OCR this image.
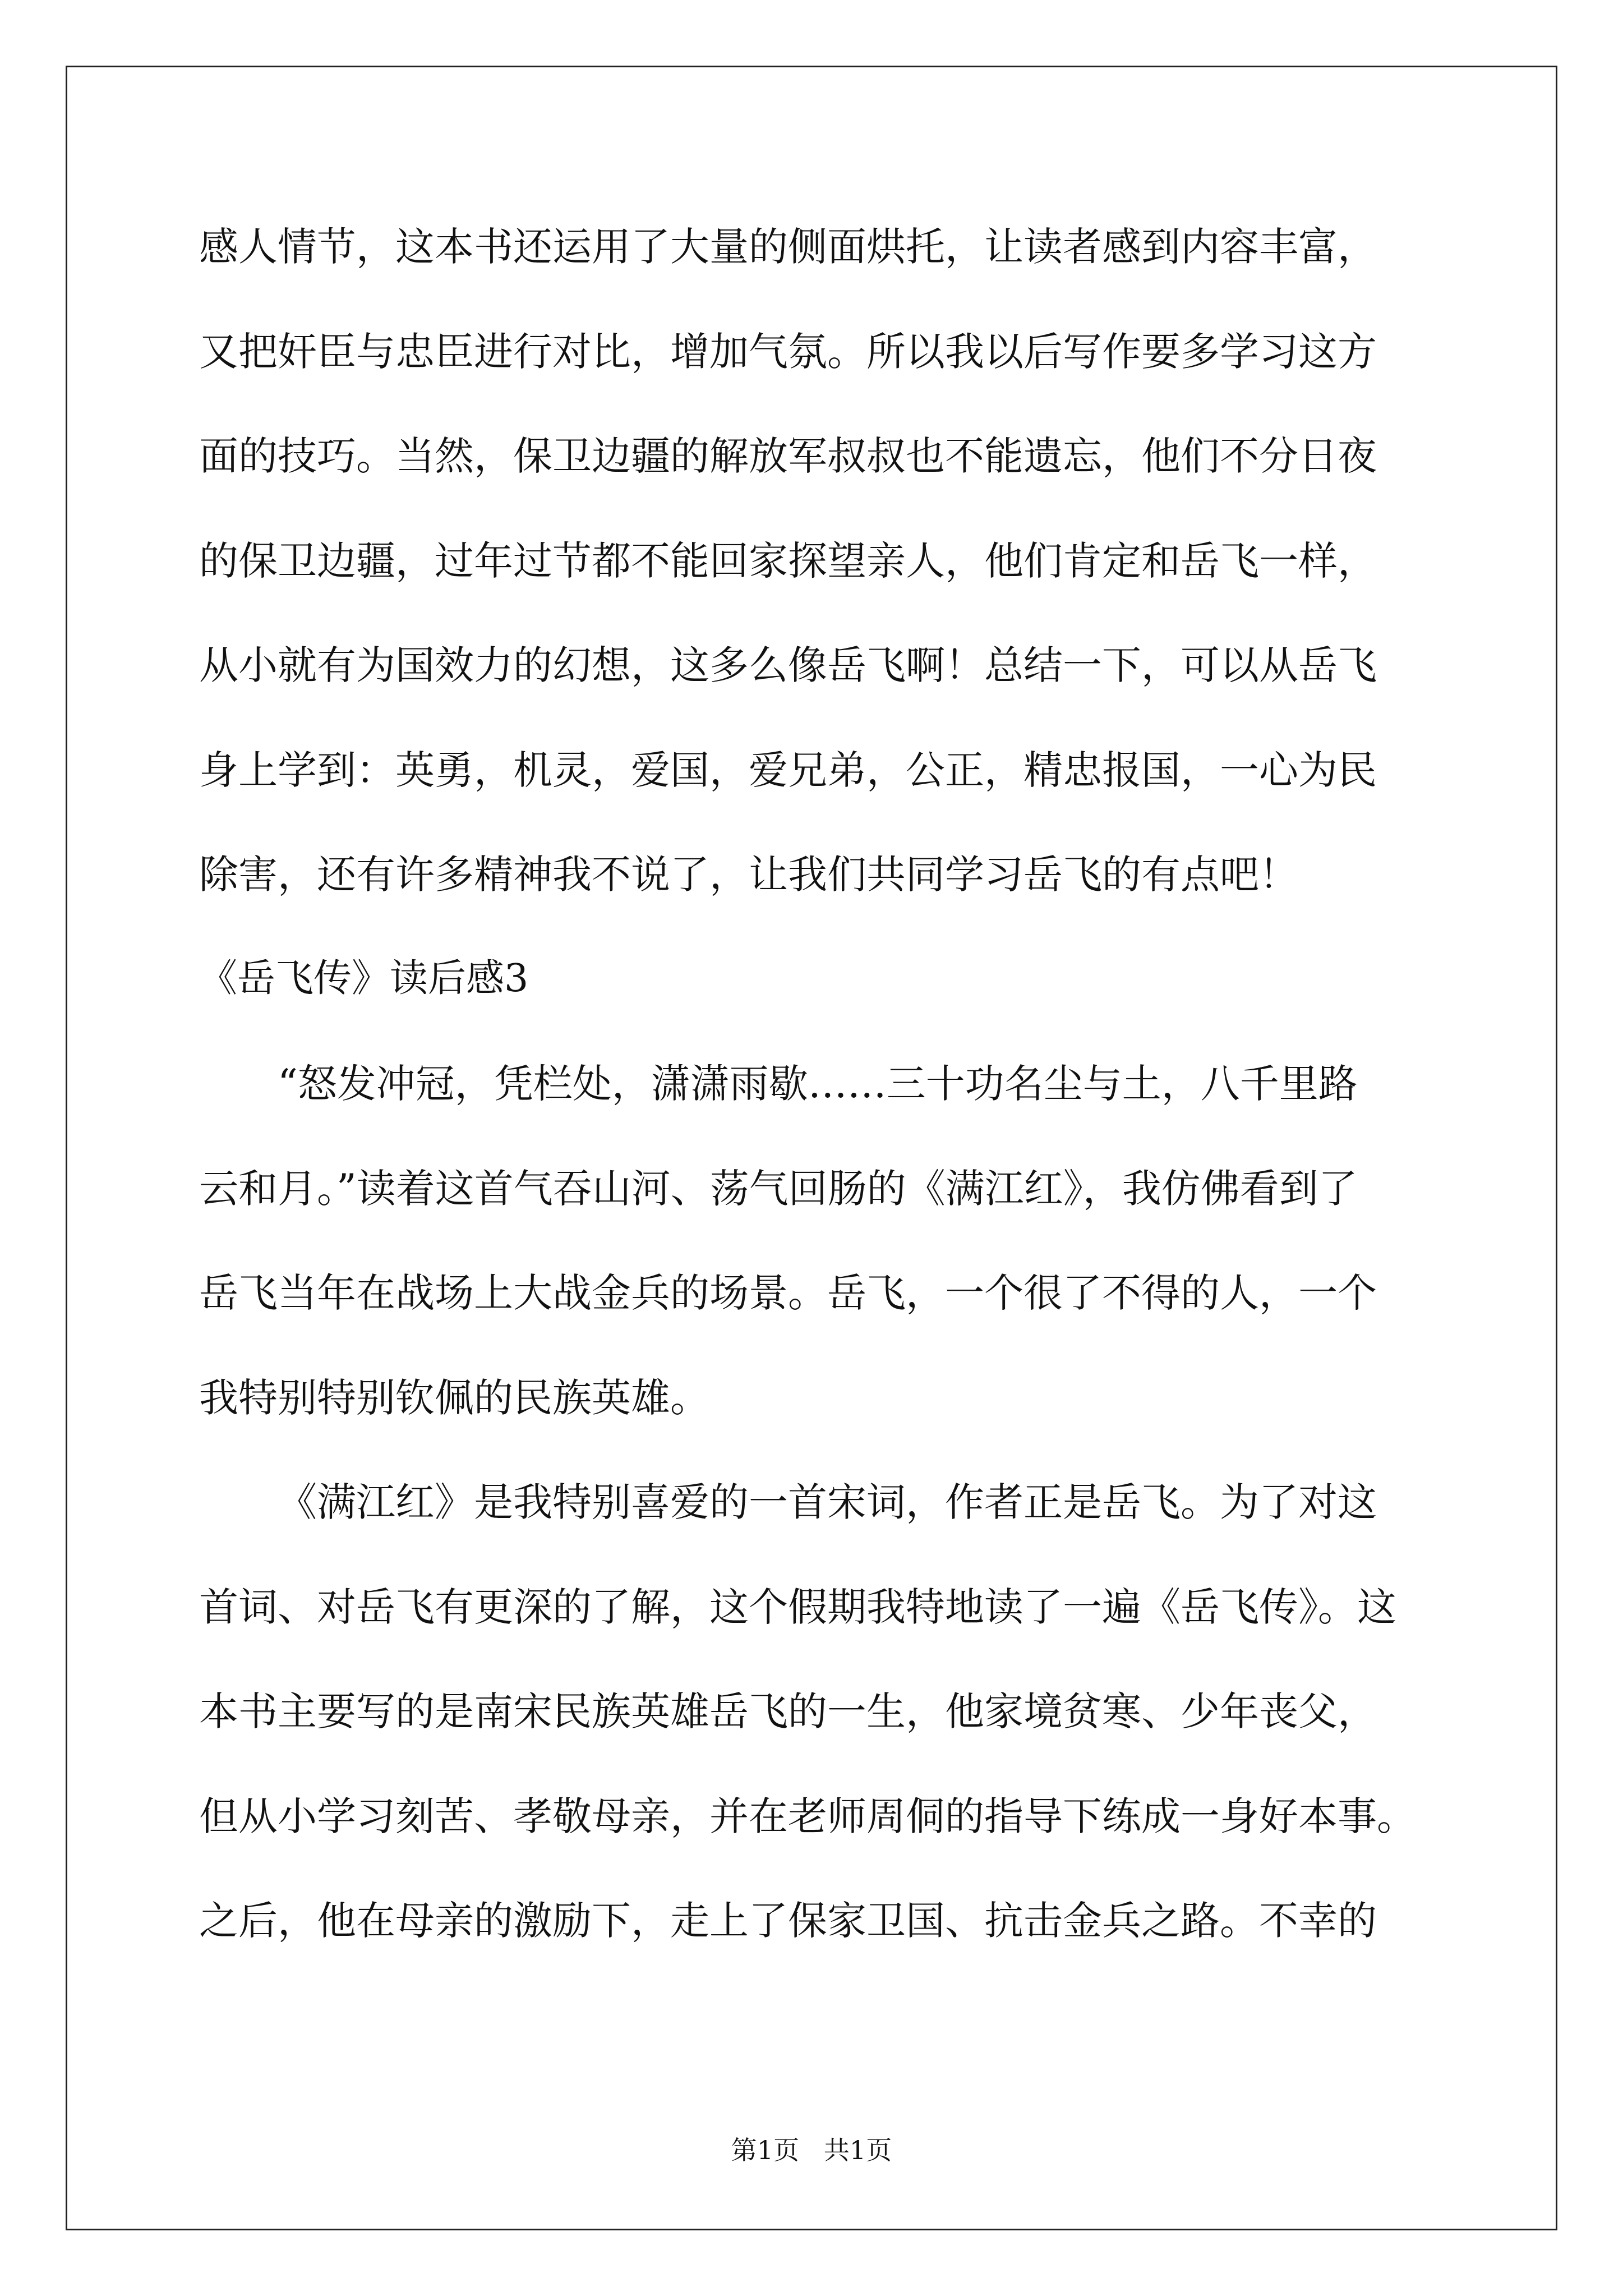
感人情节，这本书还运用了大量的侧面烘托，让读者感到内容丰富，
又把奸臣与忠臣进行对比，增加气氛。所以我以后写作要多学习这方
面的技巧。当然，保卫边疆的解放军叔叔也不能遗忘，他们不分日夜
的保卫边疆，过年过节都不能回家探望亲人，他们肯定和岳飞一样，
从小就有为国效力的幻想，这多么像岳飞啊！总结一下，可以从岳飞
身上学到：英勇，机灵，爱国，爱兄弟，公正，精忠报国，一心为民
除害，还有许多精神我不说了，让我们共同学习岳飞的有点吧！
《岳飞传》读后感3
“怒发冲冠，凭栏处，潇潇雨歇……三十功名尘与土，八千里路
云和月。”读着这首气吞山河、荡气回肠的《满江红》，我仿佛看到了
岳飞当年在战场上大战金兵的场景。岳飞，一个很了不得的人，一个
我特别特别钦佩的民族英雄。
《满江红》是我特别喜爱的一首宋词，作者正是岳飞。为了对这
首词、对岳飞有更深的了解，这个假期我特地读了一遍《岳飞传》。这
本书主要写的是南宋民族英雄岳飞的一生，他家境贫寒、少年丧父，
但从小学习刻苦、孝敬母亲，并在老师周侗的指导下练成一身好本事。
之后，他在母亲的激励下，走上了保家卫国、抗击金兵之路。不幸的
第1页   共1页
